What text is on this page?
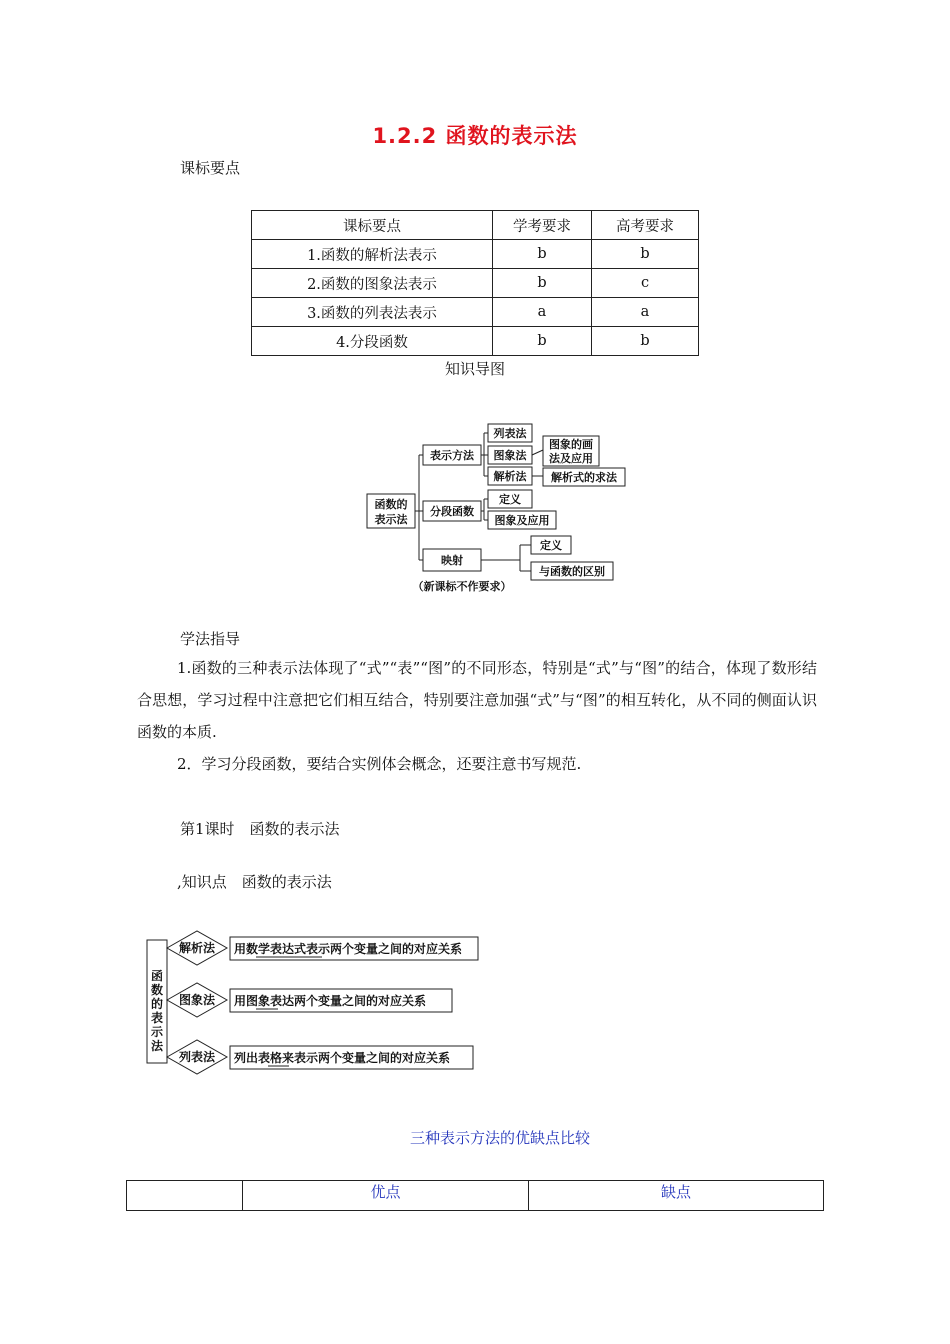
1.2.2 函数的表示法
课标要点
课标要点	学考要求	高考要求
1.函数的解析法表示	b	b
2.函数的图象法表示	b	c
3.函数的列表法表示	a	a
4.分段函数	b	b
知识导图
函数的
表示法
表示方法
分段函数
映射
列表法
图象法
解析法
图象的画
法及应用
解析式的求法
定义
图象及应用
定义
与函数的区别
（新课标不作要求）
学法指导

1.函数的三种表示法体现了“式”“表”“图”的不同形态，特别是“式”与“图”的结合，体现了数形结合思想，学习过程中注意把它们相互结合，特别要注意加强“式”与“图”的相互转化，从不同的侧面认识函数的本质.

2．学习分段函数，要结合实例体会概念，还要注意书写规范.

第1课时　函数的表示法
,知识点　函数的表示法
函
数
的
表
示
法
解析法
图象法
列表法
用数学表达式表示两个变量之间的对应关系
用图象表达两个变量之间的对应关系
列出表格来表示两个变量之间的对应关系
三种表示方法的优缺点比较
	优点	缺点
